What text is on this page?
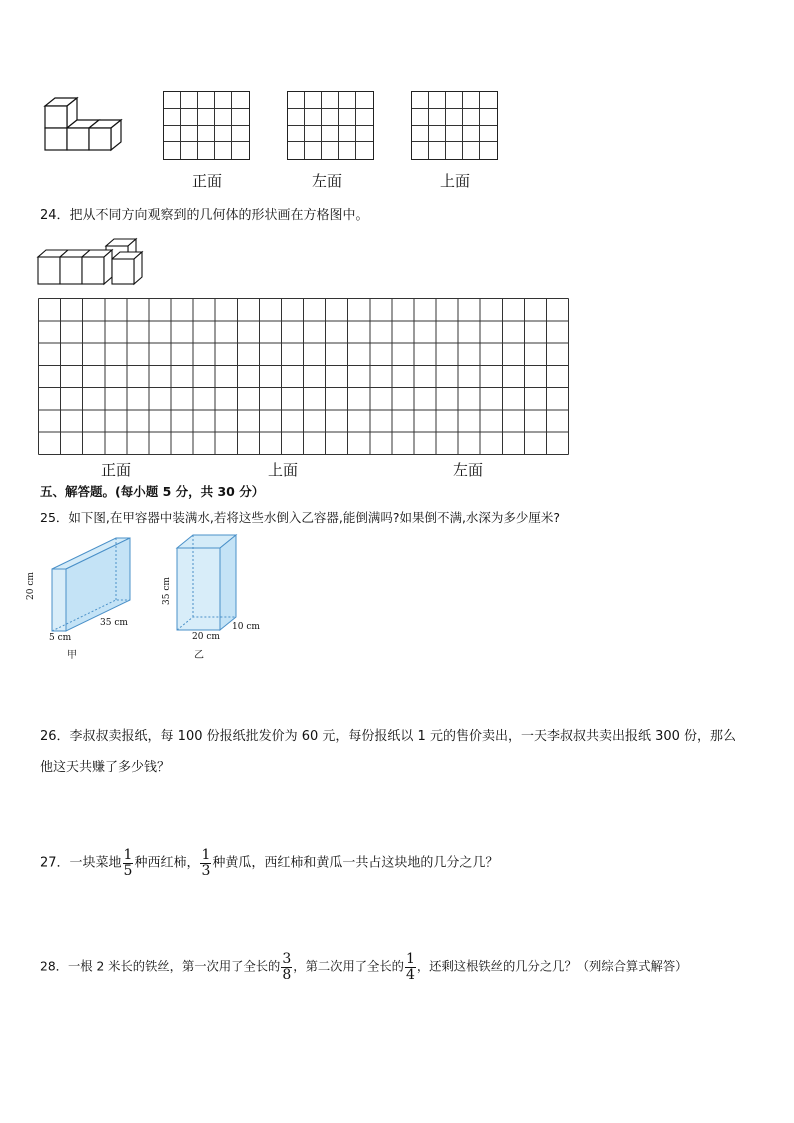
正面	左面	上面
24．把从不同方向观察到的几何体的形状画在方格图中。
正面	上面	左面
五、解答题。(每小题 5 分，共 30 分）
25．如下图,在甲容器中装满水,若将这些水倒入乙容器,能倒满吗?如果倒不满,水深为多少厘米?
20 cm
5 cm
35 cm
甲
35 cm
20 cm
10 cm
乙
26．李叔叔卖报纸，每 100 份报纸批发价为 60 元，每份报纸以 1 元的售价卖出，一天李叔叔共卖出报纸 300 份，那么
他这天共赚了多少钱？
27．一块菜地 $\frac{1}{5}$ 种西红柿， $\frac{1}{3}$ 种黄瓜，西红柿和黄瓜一共占这块地的几分之几？
28．一根 2 米长的铁丝，第一次用了全长的 $\frac{3}{8}$ ，第二次用了全长的 $\frac{1}{4}$ ，还剩这根铁丝的几分之几？（列综合算式解答）
